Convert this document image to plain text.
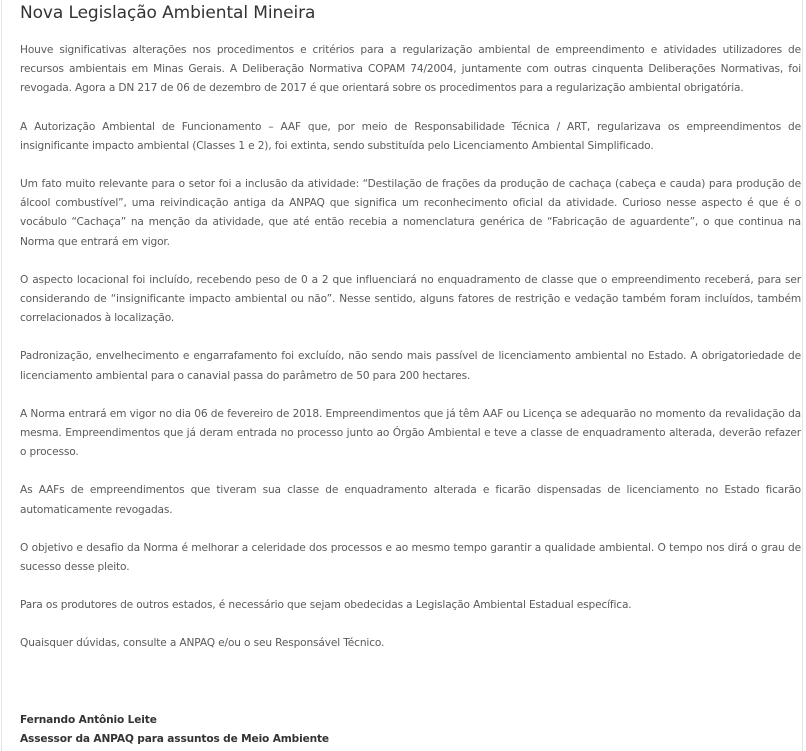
Nova Legislação Ambiental Mineira

Houve significativas alterações nos procedimentos e critérios para a regularização ambiental de empreendimento e atividades utilizadores de recursos ambientais em Minas Gerais. A Deliberação Normativa COPAM 74/2004, juntamente com outras cinquenta Deliberações Normativas, foi revogada. Agora a DN 217 de 06 de dezembro de 2017 é que orientará sobre os procedimentos para a regularização ambiental obrigatória.

A Autorização Ambiental de Funcionamento – AAF que, por meio de Responsabilidade Técnica / ART, regularizava os empreendimentos de insignificante impacto ambiental (Classes 1 e 2), foi extinta, sendo substituída pelo Licenciamento Ambiental Simplificado.

Um fato muito relevante para o setor foi a inclusão da atividade: “Destilação de frações da produção de cachaça (cabeça e cauda) para produção de álcool combustível”, uma reivindicação antiga da ANPAQ que significa um reconhecimento oficial da atividade. Curioso nesse aspecto é que é o vocábulo “Cachaça” na menção da atividade, que até então recebia a nomenclatura genérica de “Fabricação de aguardente”, o que continua na Norma que entrará em vigor.

O aspecto locacional foi incluído, recebendo peso de 0 a 2 que influenciará no enquadramento de classe que o empreendimento receberá, para ser considerando de “insignificante impacto ambiental ou não”. Nesse sentido, alguns fatores de restrição e vedação também foram incluídos, também correlacionados à localização.

Padronização, envelhecimento e engarrafamento foi excluído, não sendo mais passível de licenciamento ambiental no Estado. A obrigatoriedade de licenciamento ambiental para o canavial passa do parâmetro de 50 para 200 hectares.

A Norma entrará em vigor no dia 06 de fevereiro de 2018. Empreendimentos que já têm AAF ou Licença se adequarão no momento da revalidação da mesma. Empreendimentos que já deram entrada no processo junto ao Órgão Ambiental e teve a classe de enquadramento alterada, deverão refazer o processo.

As AAFs de empreendimentos que tiveram sua classe de enquadramento alterada e ficarão dispensadas de licenciamento no Estado ficarão automaticamente revogadas.

O objetivo e desafio da Norma é melhorar a celeridade dos processos e ao mesmo tempo garantir a qualidade ambiental. O tempo nos dirá o grau de sucesso desse pleito.

Para os produtores de outros estados, é necessário que sejam obedecidas a Legislação Ambiental Estadual específica.

Quaisquer dúvidas, consulte a ANPAQ e/ou o seu Responsável Técnico.

Fernando Antônio Leite
Assessor da ANPAQ para assuntos de Meio Ambiente
